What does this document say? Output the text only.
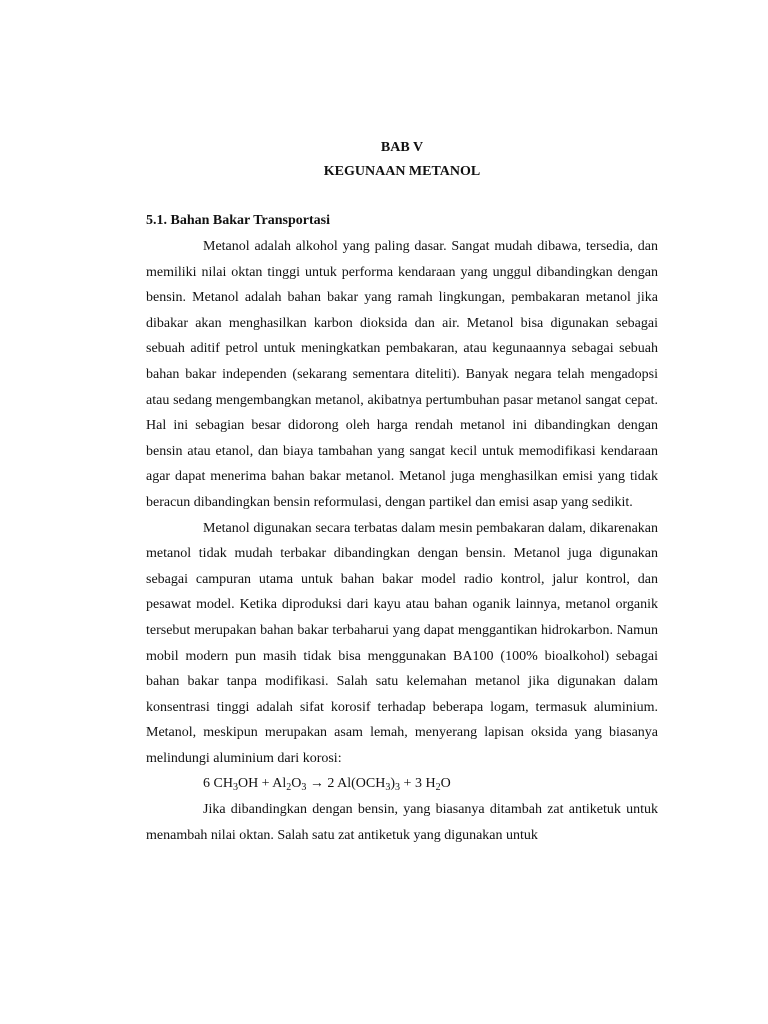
BAB V
KEGUNAAN METANOL
5.1. Bahan Bakar Transportasi

Metanol adalah alkohol yang paling dasar. Sangat mudah dibawa, tersedia, dan memiliki nilai oktan tinggi untuk performa kendaraan yang unggul dibandingkan dengan bensin. Metanol adalah bahan bakar yang ramah lingkungan, pembakaran metanol jika dibakar akan menghasilkan karbon dioksida dan air. Metanol bisa digunakan sebagai sebuah aditif petrol untuk meningkatkan pembakaran, atau kegunaannya sebagai sebuah bahan bakar independen (sekarang sementara diteliti). Banyak negara telah mengadopsi atau sedang mengembangkan metanol, akibatnya pertumbuhan pasar metanol sangat cepat. Hal ini sebagian besar didorong oleh harga rendah metanol ini dibandingkan dengan bensin atau etanol, dan biaya tambahan yang sangat kecil untuk memodifikasi kendaraan agar dapat menerima bahan bakar metanol. Metanol juga menghasilkan emisi yang tidak beracun dibandingkan bensin reformulasi, dengan partikel dan emisi asap yang sedikit.

Metanol digunakan secara terbatas dalam mesin pembakaran dalam, dikarenakan metanol tidak mudah terbakar dibandingkan dengan bensin. Metanol juga digunakan sebagai campuran utama untuk bahan bakar model radio kontrol, jalur kontrol, dan pesawat model. Ketika diproduksi dari kayu atau bahan oganik lainnya, metanol organik tersebut merupakan bahan bakar terbaharui yang dapat menggantikan hidrokarbon. Namun mobil modern pun masih tidak bisa menggunakan BA100 (100% bioalkohol) sebagai bahan bakar tanpa modifikasi. Salah satu kelemahan metanol jika digunakan dalam konsentrasi tinggi adalah sifat korosif terhadap beberapa logam, termasuk aluminium. Metanol, meskipun merupakan asam lemah, menyerang lapisan oksida yang biasanya melindungi aluminium dari korosi:

6 $CH_3OH + Al_2O_3 \to 2$ $Al(OCH_3)_3 + 3$ $H_2O$

Jika dibandingkan dengan bensin, yang biasanya ditambah zat antiketuk untuk menambah nilai oktan. Salah satu zat antiketuk yang digunakan untuk
